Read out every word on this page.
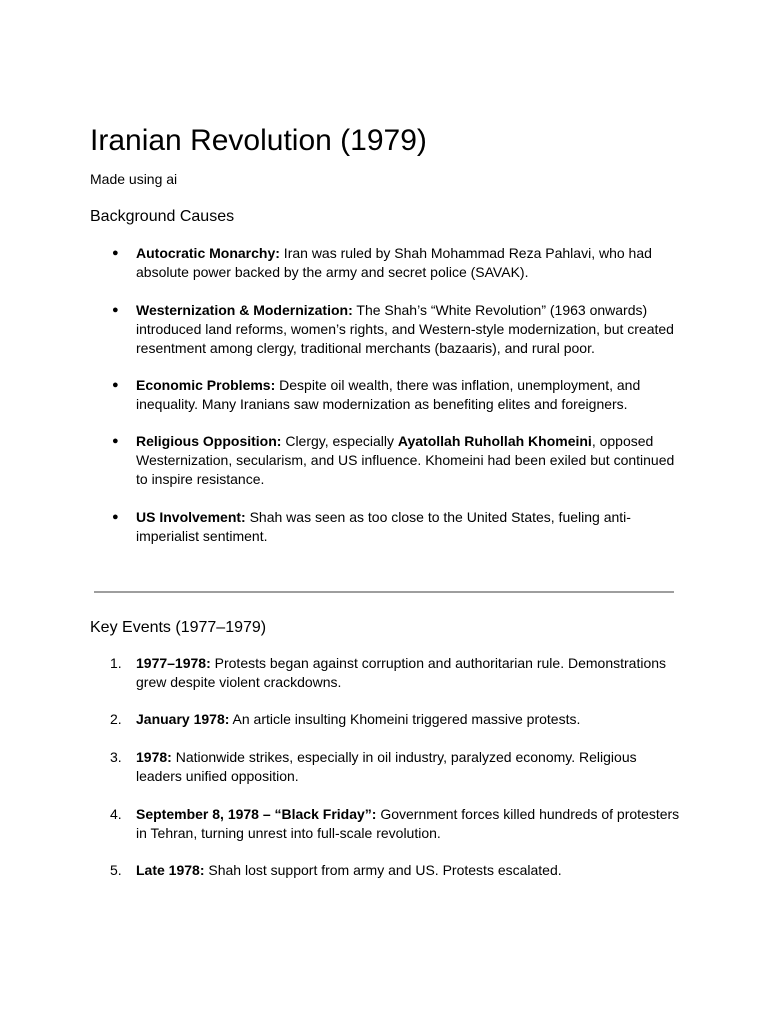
Iranian Revolution (1979)

Made using ai

Background Causes
●	Autocratic Monarchy: Iran was ruled by Shah Mohammad Reza Pahlavi, who had absolute power backed by the army and secret police (SAVAK).
●	Westernization & Modernization: The Shah’s “White Revolution” (1963 onwards) introduced land reforms, women’s rights, and Western-style modernization, but created resentment among clergy, traditional merchants (bazaaris), and rural poor.
●	Economic Problems: Despite oil wealth, there was inflation, unemployment, and inequality. Many Iranians saw modernization as benefiting elites and foreigners.
●	Religious Opposition: Clergy, especially Ayatollah Ruhollah Khomeini, opposed Westernization, secularism, and US influence. Khomeini had been exiled but continued to inspire resistance.
●	US Involvement: Shah was seen as too close to the United States, fueling anti-imperialist sentiment.
Key Events (1977–1979)
1.	1977–1978: Protests began against corruption and authoritarian rule. Demonstrations grew despite violent crackdowns.
2.	January 1978: An article insulting Khomeini triggered massive protests.
3.	1978: Nationwide strikes, especially in oil industry, paralyzed economy. Religious leaders unified opposition.
4.	September 8, 1978 – “Black Friday”: Government forces killed hundreds of protesters in Tehran, turning unrest into full-scale revolution.
5.	Late 1978: Shah lost support from army and US. Protests escalated.
